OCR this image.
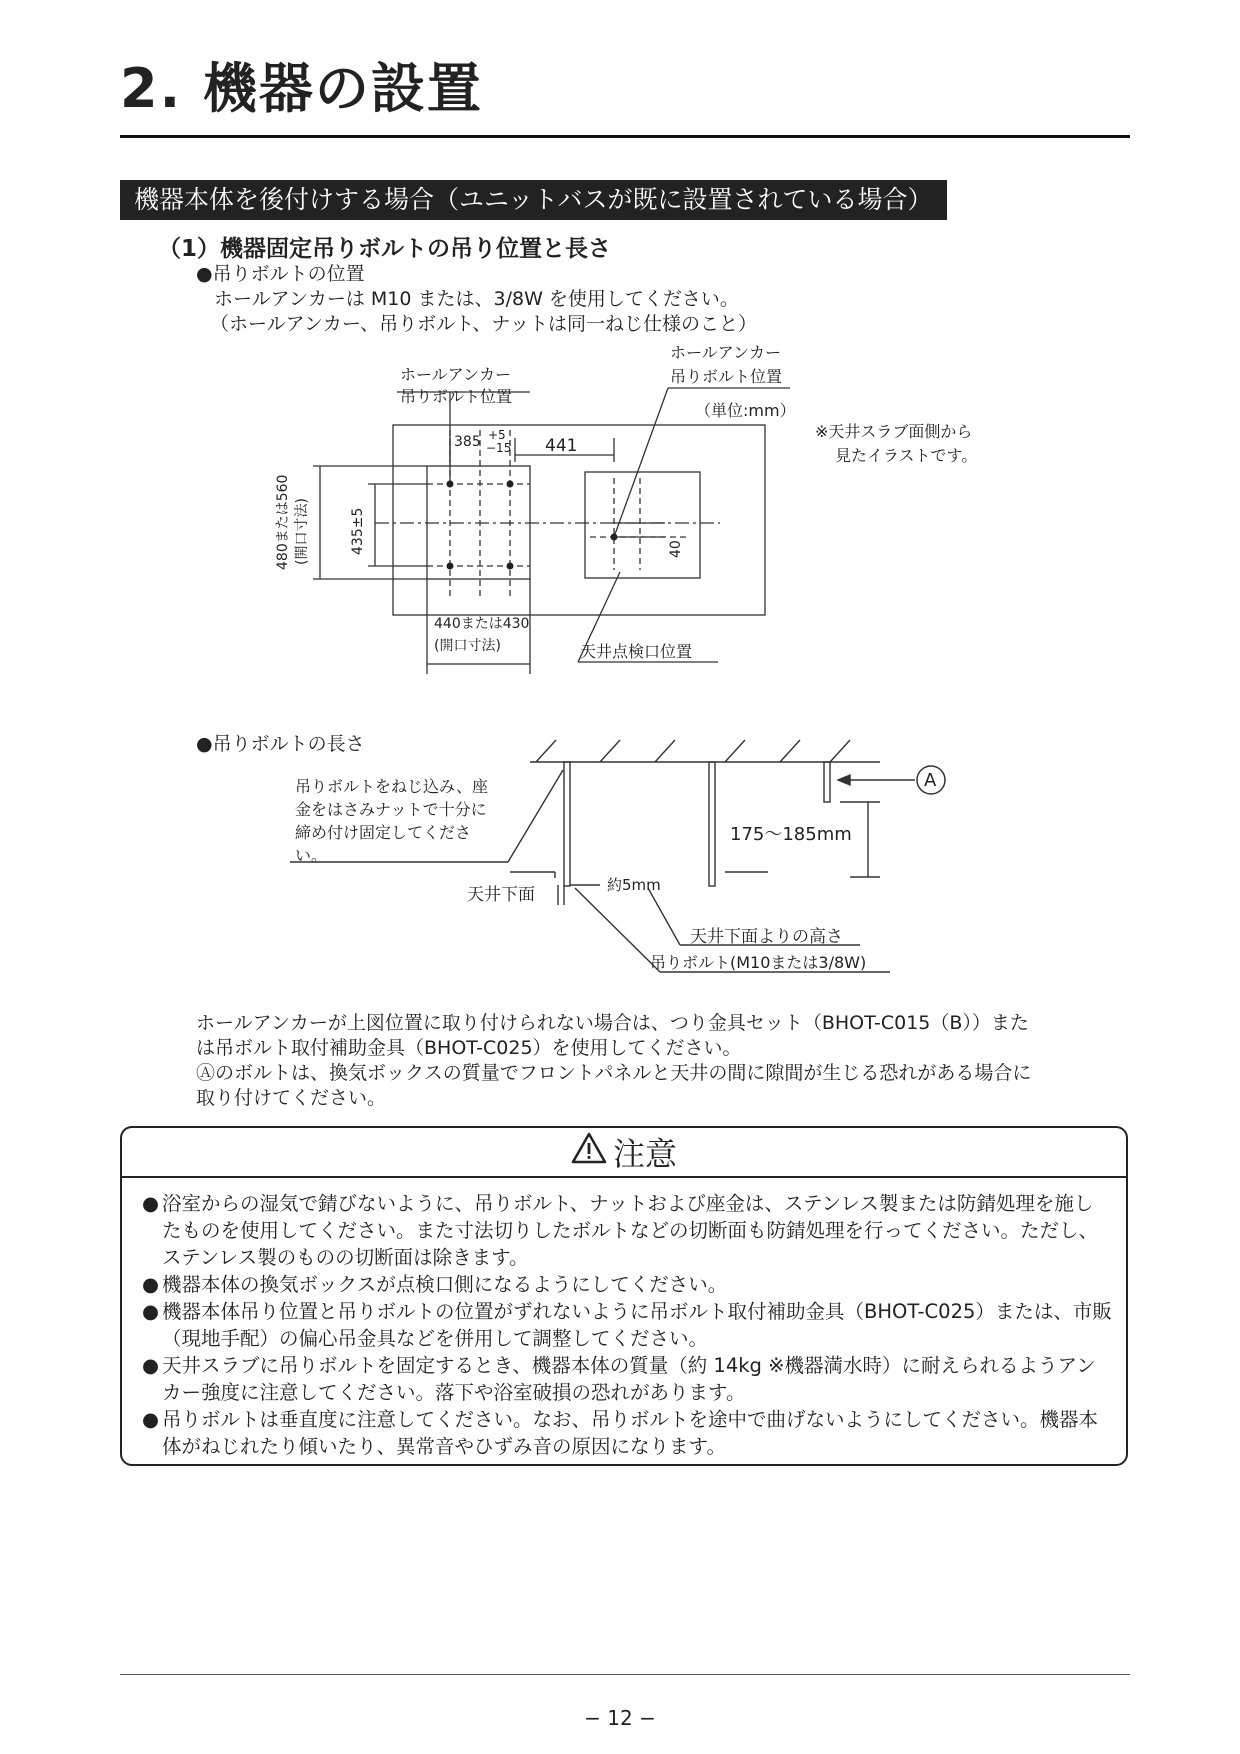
2. 機器の設置
機器本体を後付けする場合（ユニットバスが既に設置されている場合）
（1）機器固定吊りボルトの吊り位置と長さ
●吊りボルトの位置
ホールアンカーは M10 または、3/8W を使用してください。
（ホールアンカー、吊りボルト、ナットは同一ねじ仕様のこと）
ホールアンカー
吊りボルト位置
ホールアンカー
吊りボルト位置
（単位:mm）
※天井スラブ面側から
見たイラストです。
385 +5
−15 441
40
480または560 (開口寸法)	435±5
440または430
(開口寸法)	天井点検口位置
●吊りボルトの長さ
A
吊りボルトをねじ込み、座
金をはさみナットで十分に
締め付け固定してくださ
い。
天井下面	約5mm
175〜185mm
天井下面よりの高さ
吊りボルト(M10または3/8W)
ホールアンカーが上図位置に取り付けられない場合は、つり金具セット（BHOT-C015（B））また
は吊ボルト取付補助金具（BHOT-C025）を使用してください。
Ⓐのボルトは、換気ボックスの質量でフロントパネルと天井の間に隙間が生じる恐れがある場合に
取り付けてください。
注意
● 浴室からの湿気で錆びないように、吊りボルト、ナットおよび座金は、ステンレス製または防錆処理を施したものを使用してください。また寸法切りしたボルトなどの切断面も防錆処理を行ってください。ただし、ステンレス製のものの切断面は除きます。
● 機器本体の換気ボックスが点検口側になるようにしてください。
● 機器本体吊り位置と吊りボルトの位置がずれないように吊ボルト取付補助金具（BHOT-C025）または、市販（現地手配）の偏心吊金具などを併用して調整してください。
● 天井スラブに吊りボルトを固定するとき、機器本体の質量（約 14kg ※機器満水時）に耐えられるようアンカー強度に注意してください。落下や浴室破損の恐れがあります。
● 吊りボルトは垂直度に注意してください。なお、吊りボルトを途中で曲げないようにしてください。機器本体がねじれたり傾いたり、異常音やひずみ音の原因になります。
− 12 −
